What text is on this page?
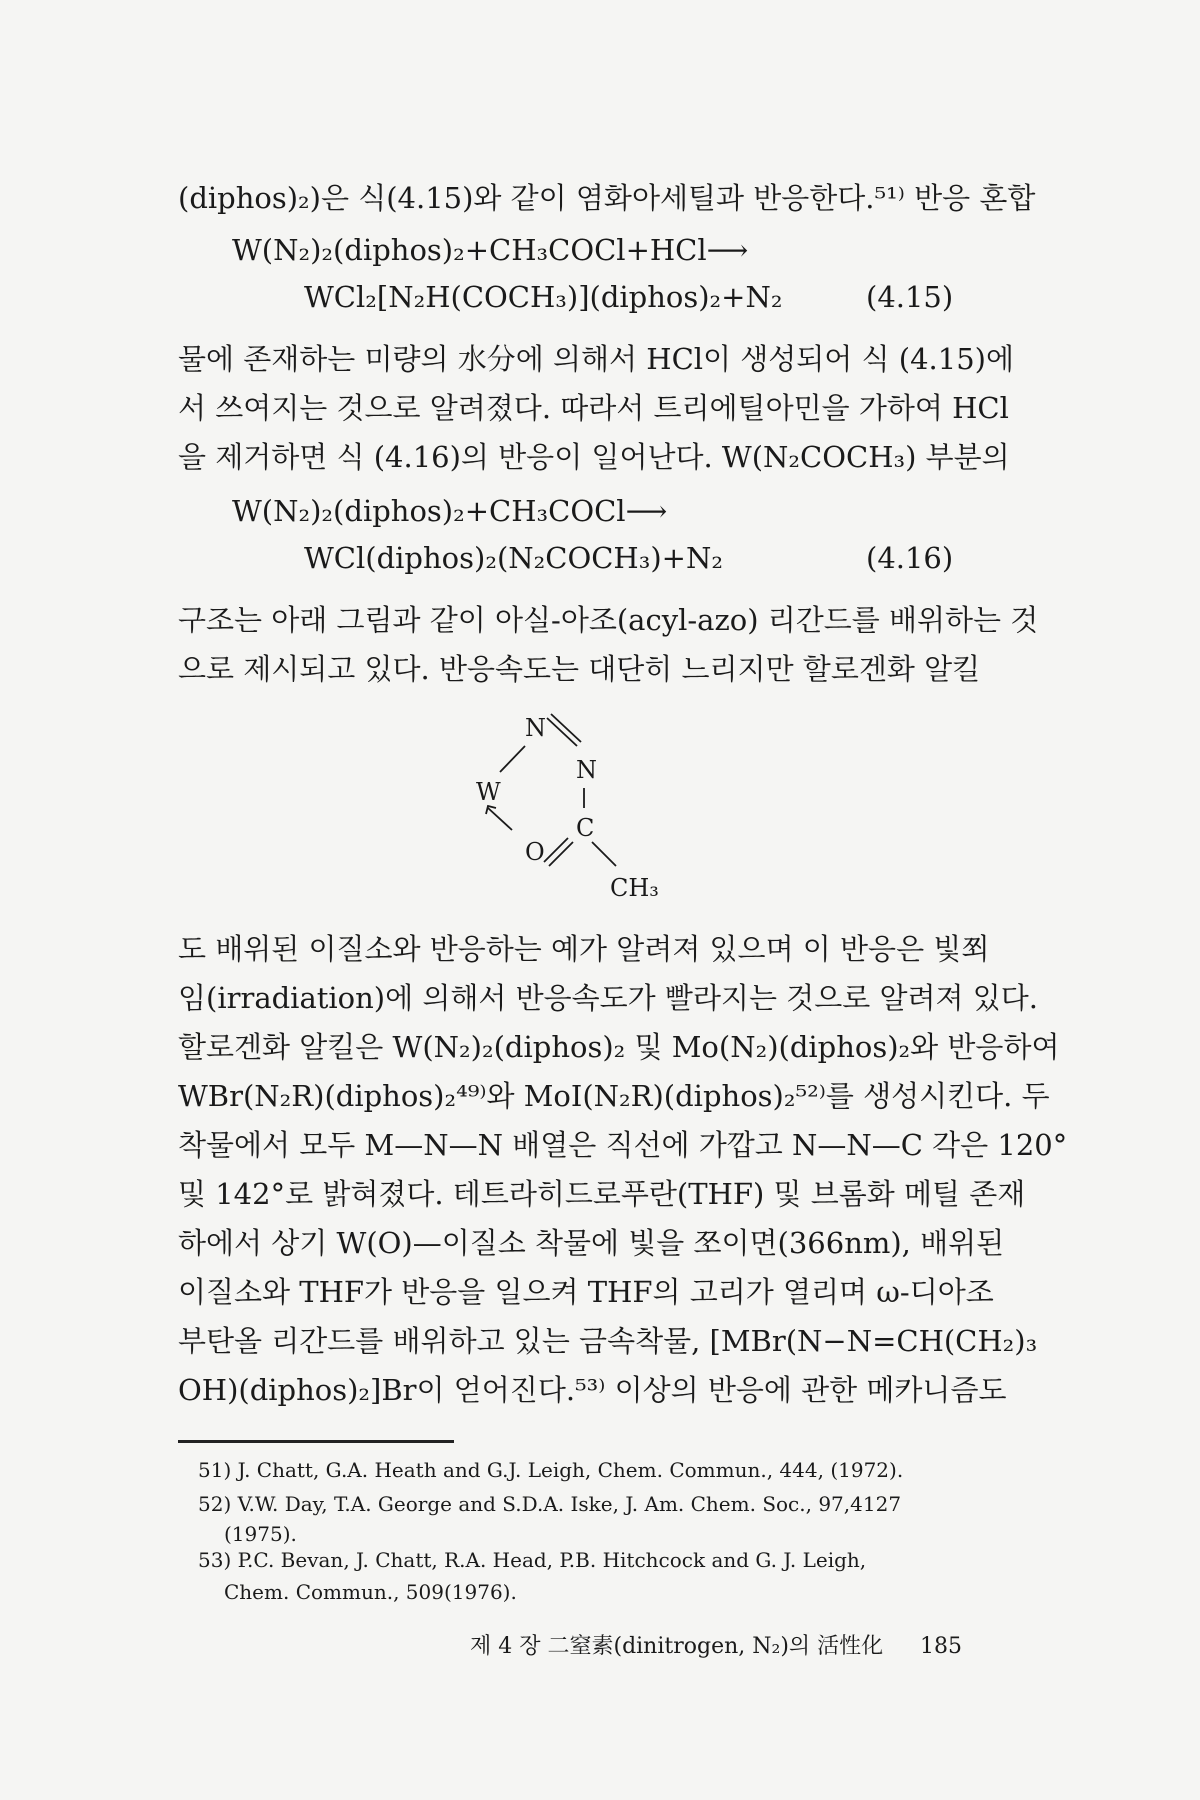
(diphos)₂)은 식(4.15)와 같이 염화아세틸과 반응한다.⁵¹⁾ 반응 혼합
W(N₂)₂(diphos)₂+CH₃COCl+HCl⟶
WCl₂[N₂H(COCH₃)](diphos)₂+N₂	(4.15)
물에 존재하는 미량의 水分에 의해서 HCl이 생성되어 식 (4.15)에
서 쓰여지는 것으로 알려졌다. 따라서 트리에틸아민을 가하여 HCl
을 제거하면 식 (4.16)의 반응이 일어난다. W(N₂COCH₃) 부분의
W(N₂)₂(diphos)₂+CH₃COCl⟶
WCl(diphos)₂(N₂COCH₃)+N₂	(4.16)
구조는 아래 그림과 같이 아실-아조(acyl-azo) 리간드를 배위하는 것
으로 제시되고 있다. 반응속도는 대단히 느리지만 할로겐화 알킬
N
N
W
C
O
CH₃
도 배위된 이질소와 반응하는 예가 알려져 있으며 이 반응은 빛쬐
임(irradiation)에 의해서 반응속도가 빨라지는 것으로 알려져 있다.
할로겐화 알킬은 W(N₂)₂(diphos)₂ 및 Mo(N₂)(diphos)₂와 반응하여
WBr(N₂R)(diphos)₂⁴⁹⁾와 MoI(N₂R)(diphos)₂⁵²⁾를 생성시킨다. 두
착물에서 모두 M—N—N 배열은 직선에 가깝고 N—N—C 각은 120°
및 142°로 밝혀졌다. 테트라히드로푸란(THF) 및 브롬화 메틸 존재
하에서 상기 W(O)—이질소 착물에 빛을 쪼이면(366nm), 배위된
이질소와 THF가 반응을 일으켜 THF의 고리가 열리며 ω-디아조
부탄올 리간드를 배위하고 있는 금속착물, [MBr(N−N=CH(CH₂)₃
OH)(diphos)₂]Br이 얻어진다.⁵³⁾ 이상의 반응에 관한 메카니즘도
51) J. Chatt, G.A. Heath and G.J. Leigh, Chem. Commun., 444, (1972).
52) V.W. Day, T.A. George and S.D.A. Iske, J. Am. Chem. Soc., 97,4127
(1975).
53) P.C. Bevan, J. Chatt, R.A. Head, P.B. Hitchcock and G. J. Leigh,
Chem. Commun., 509(1976).
제 4 장 二窒素(dinitrogen, N₂)의 活性化 185
